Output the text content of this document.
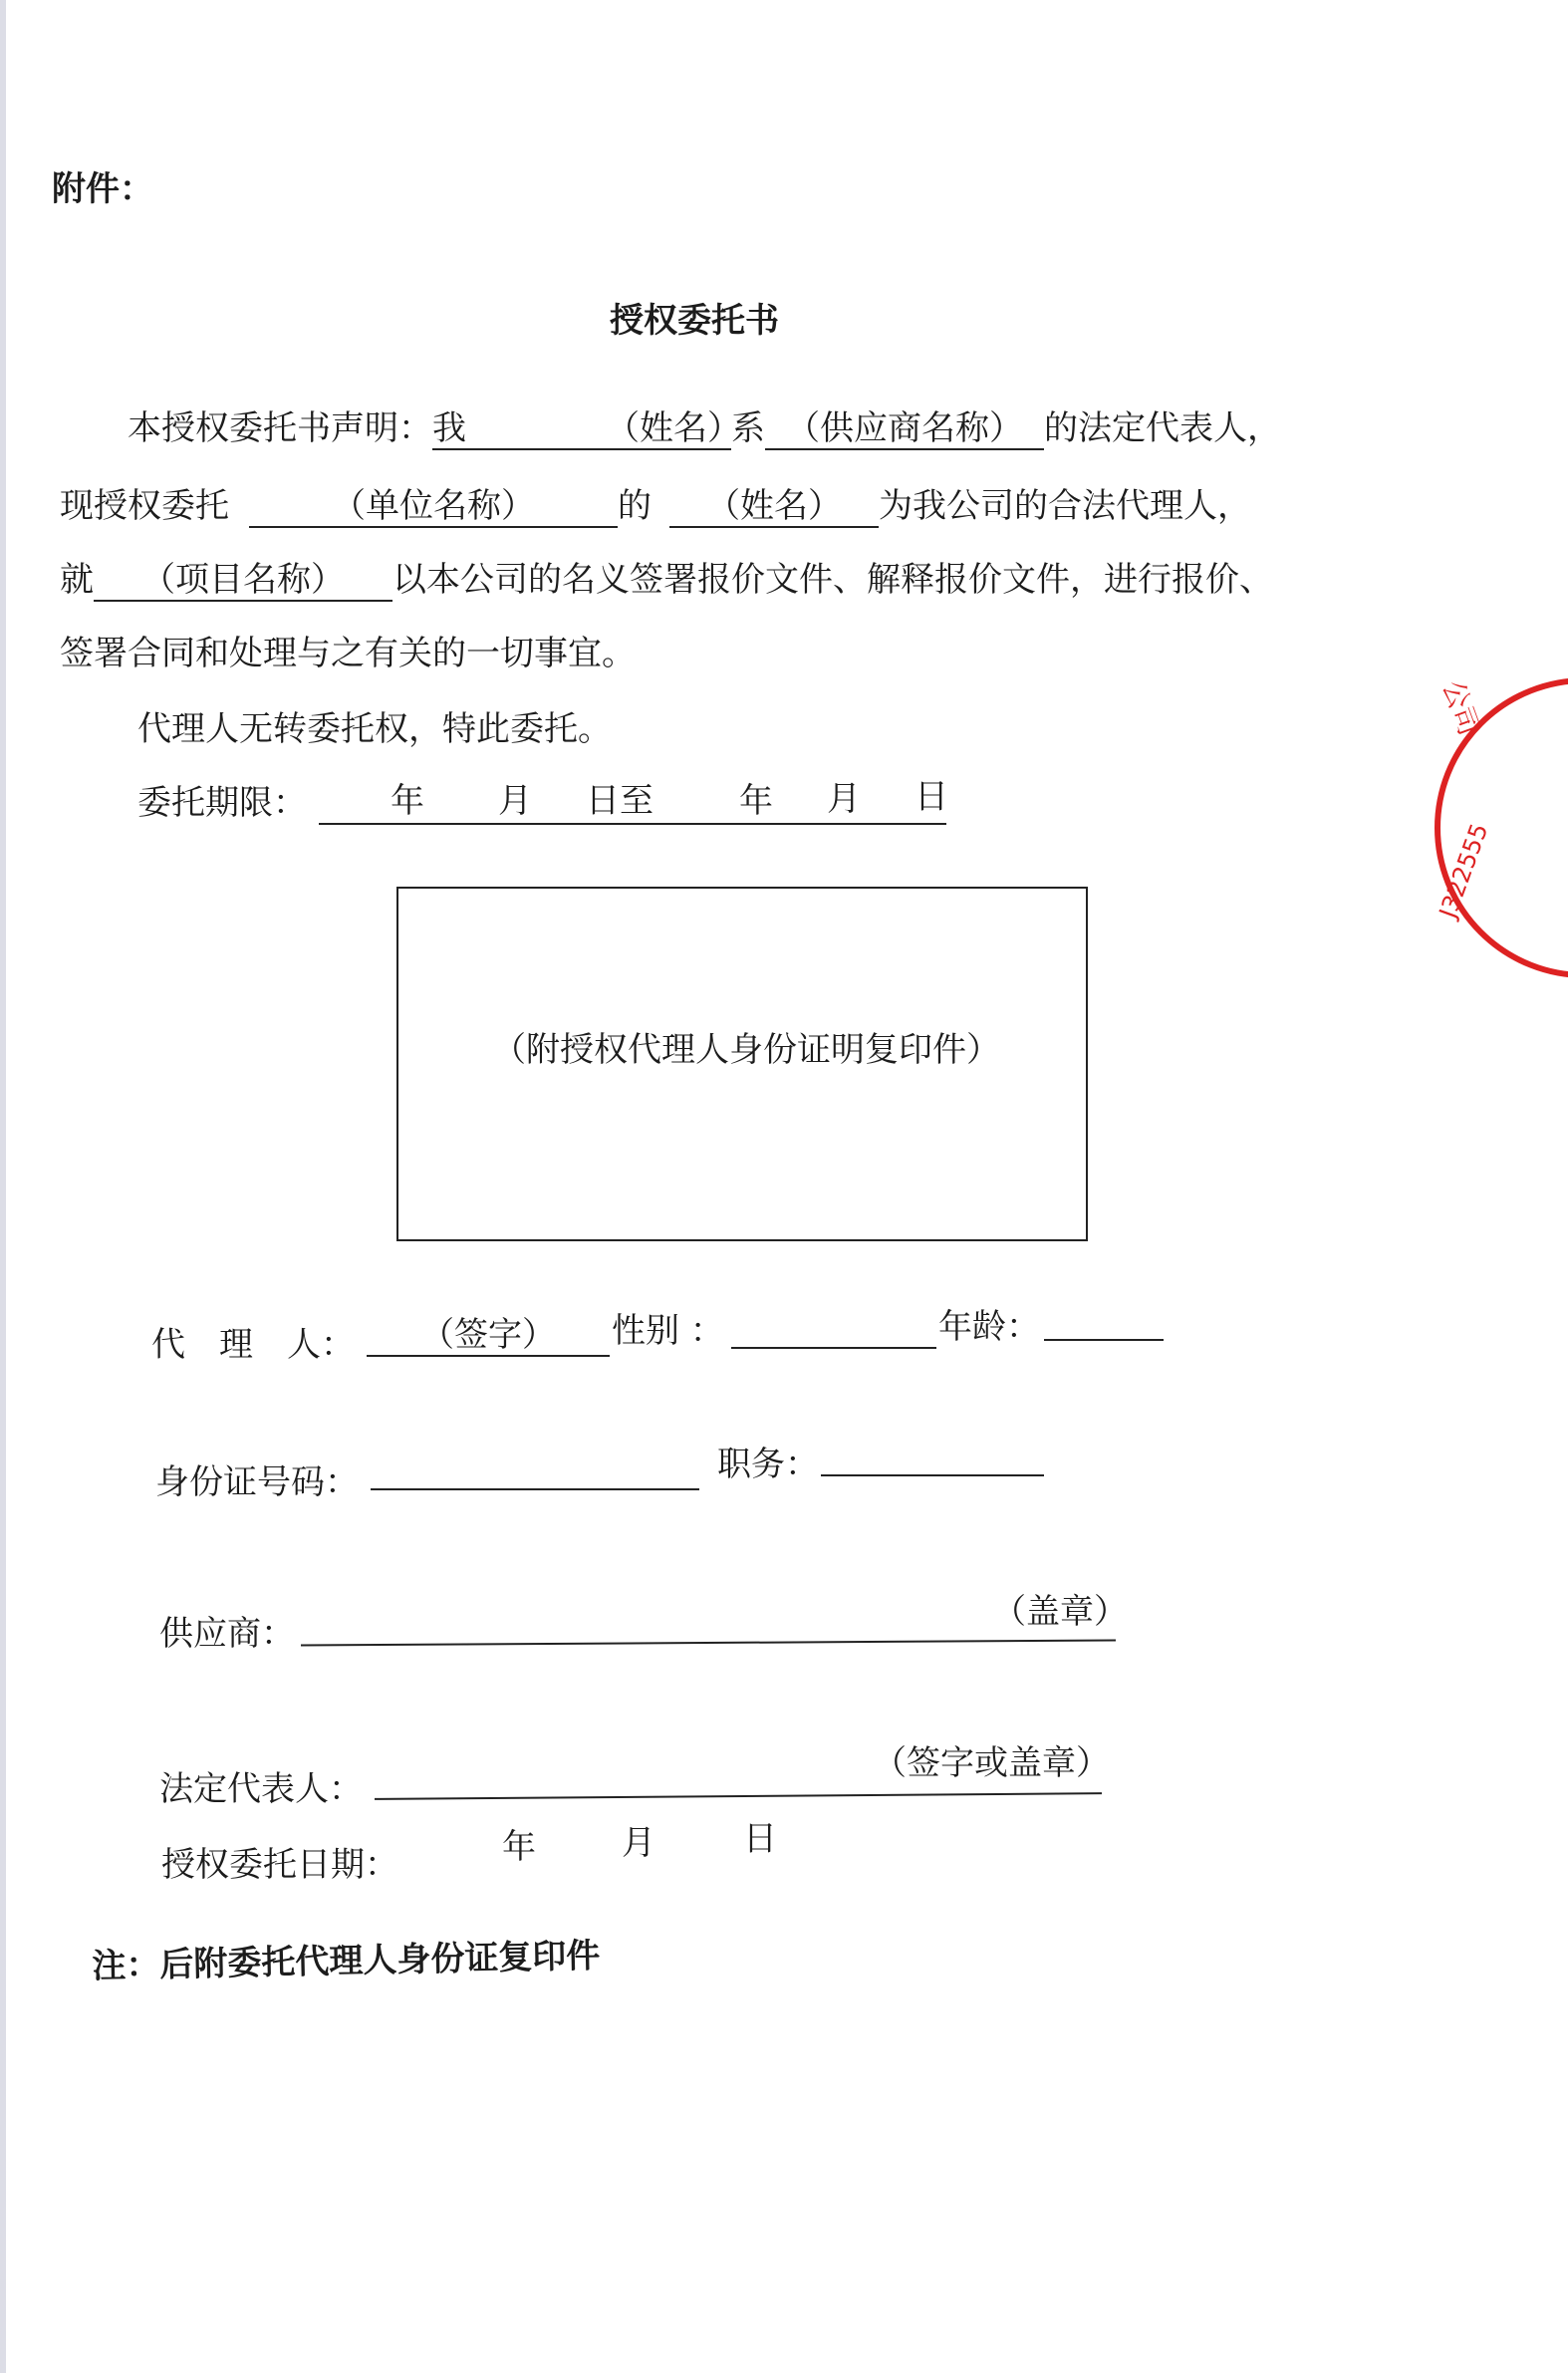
附件：
授权委托书
本授权委托书声明：我	（姓名）系 （供应商名称） 的法定代表人，
现授权委托	（单位名称） 的 （姓名） 为我公司的合法代理人，
就 （项目名称） 以本公司的名义签署报价文件、解释报价文件，进行报价、
签署合同和处理与之有关的一切事宜。
代理人无转委托权，特此委托。
委托期限： 年 月 日至	年 月 日
（附授权代理人身份证明复印件）
代　理　人：	（签字）	性别 ：	年龄：
身份证号码：	职务：
供应商：
（盖章）
法定代表人：
（签字或盖章）
授权委托日期：	年	月	日
注：后附委托代理人身份证复印件
公司
J322555
